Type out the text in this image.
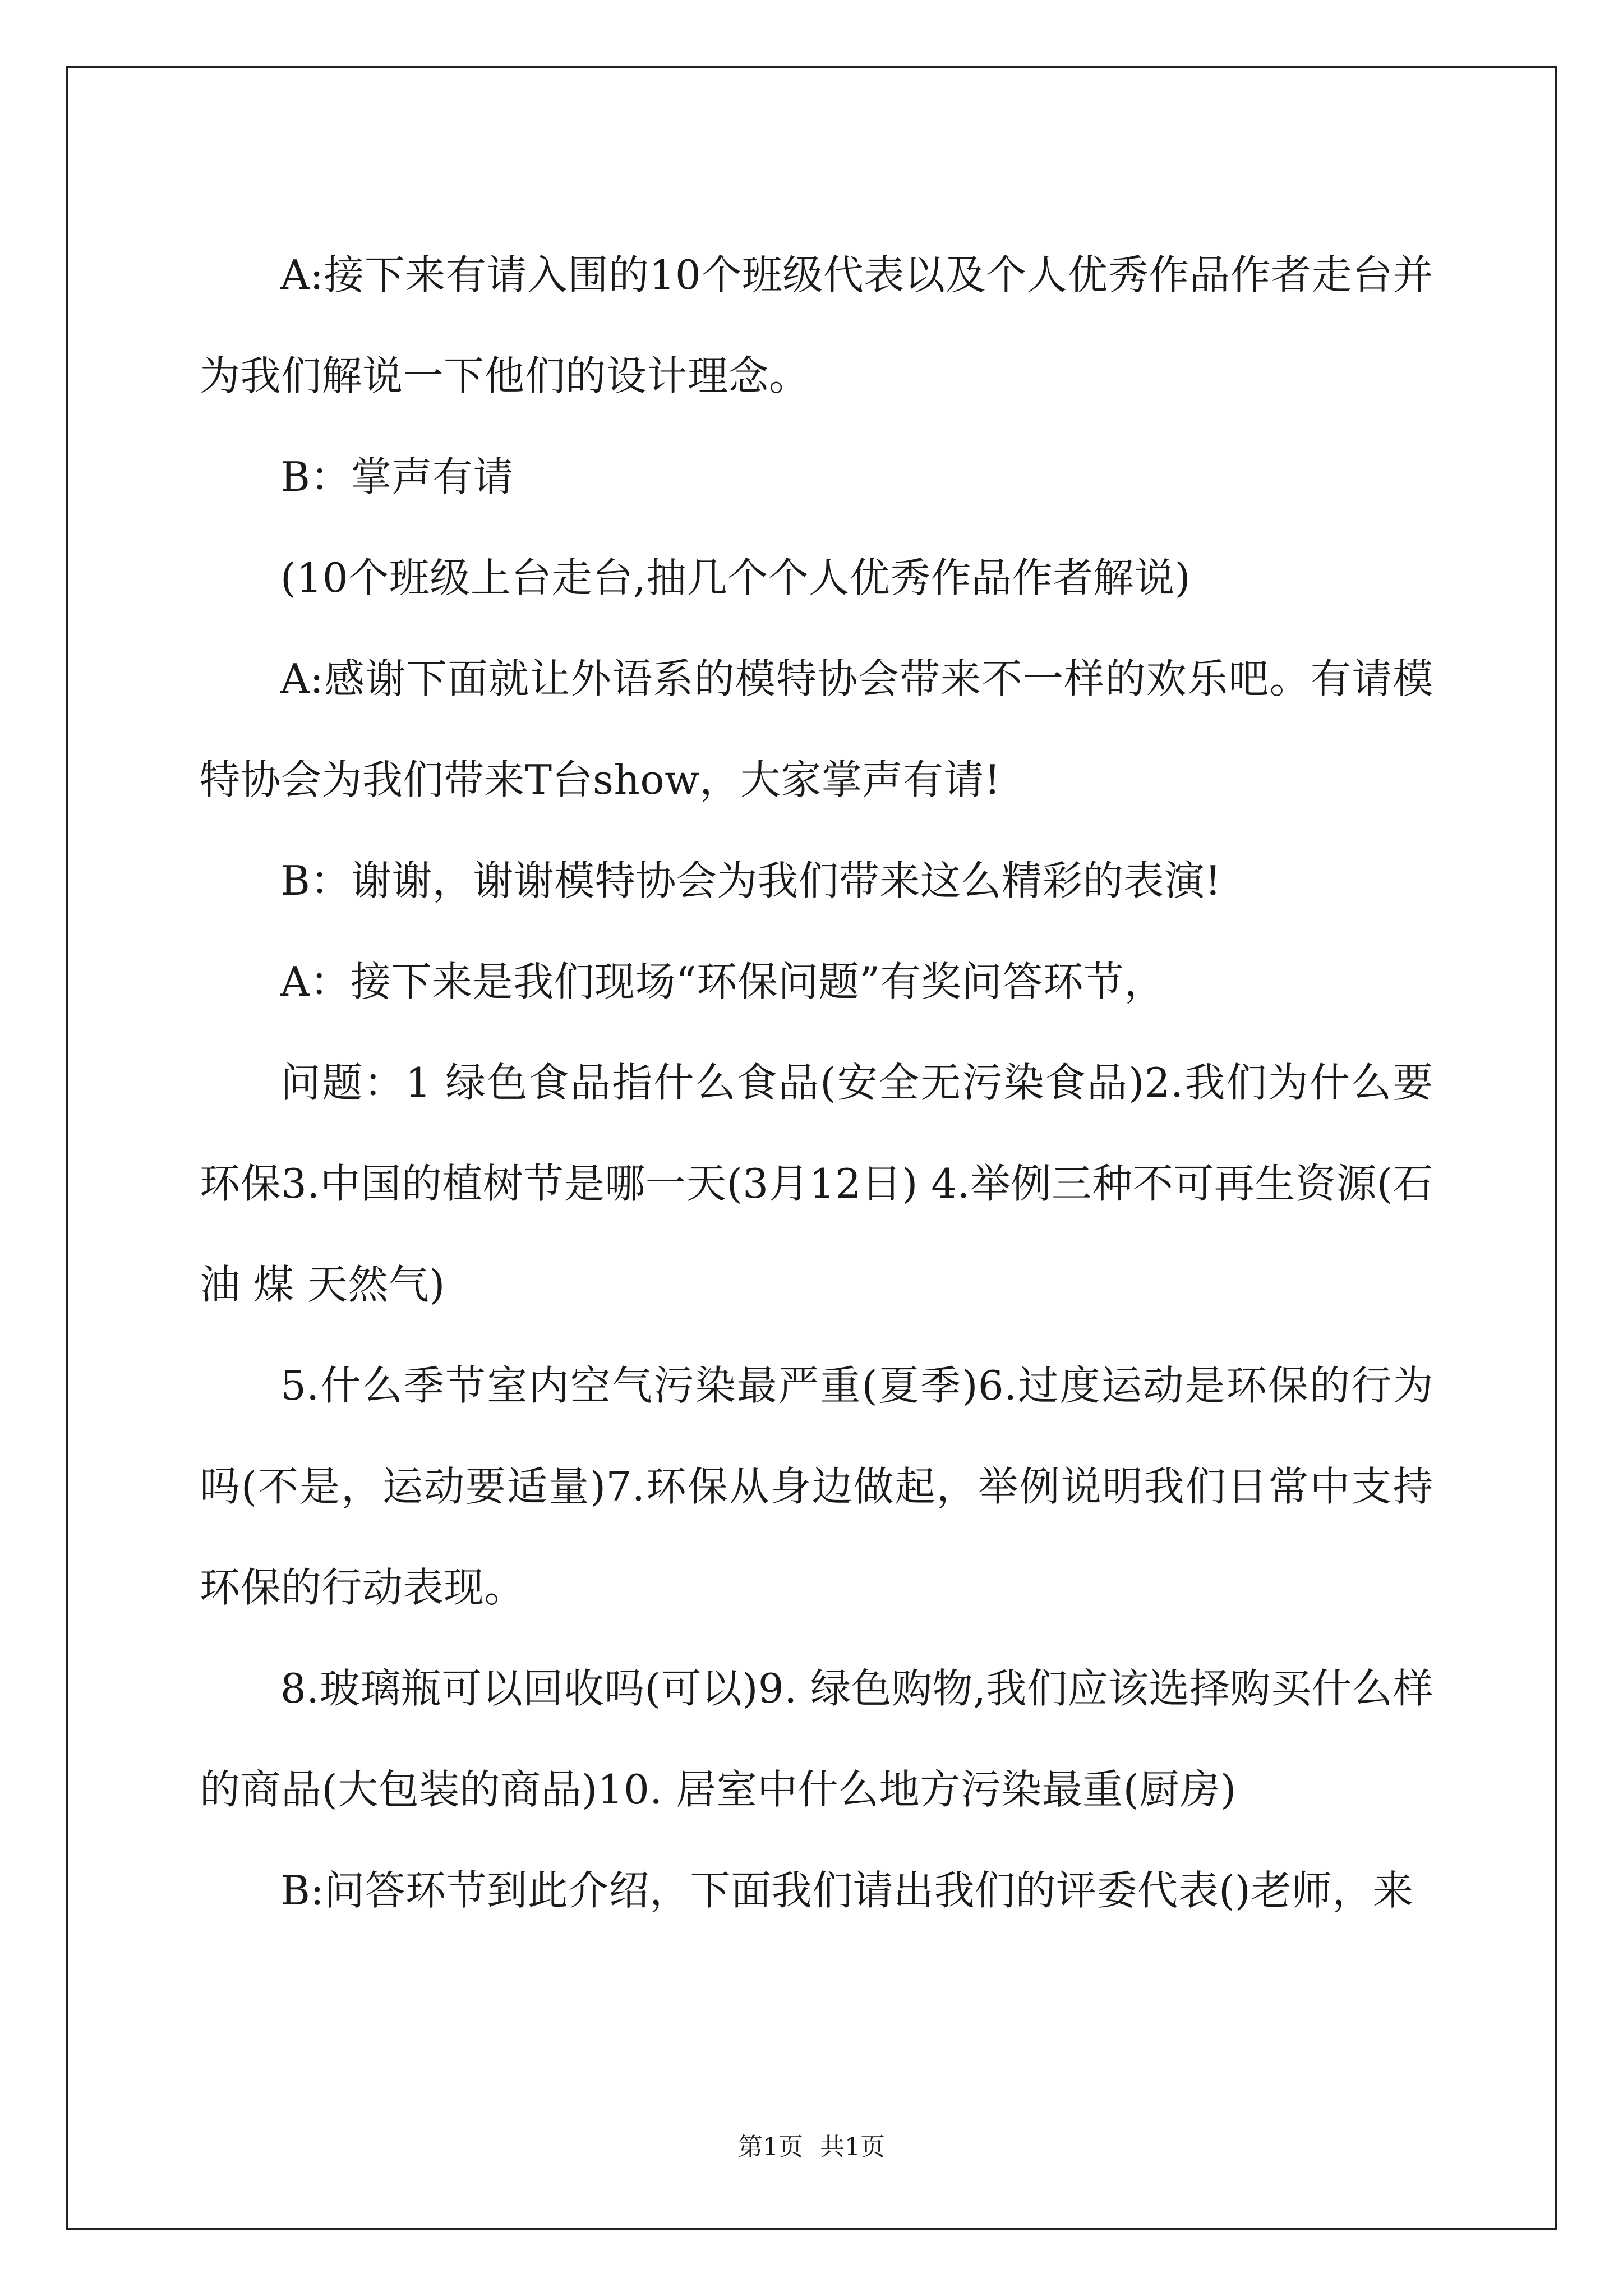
A:接下来有请入围的10个班级代表以及个人优秀作品作者走台并为我们解说一下他们的设计理念。

B：掌声有请

(10个班级上台走台,抽几个个人优秀作品作者解说)

A:感谢下面就让外语系的模特协会带来不一样的欢乐吧。有请模特协会为我们带来T台show，大家掌声有请!

B：谢谢，谢谢模特协会为我们带来这么精彩的表演!

A：接下来是我们现场“环保问题”有奖问答环节，

问题：1 绿色食品指什么食品(安全无污染食品)2.我们为什么要环保3.中国的植树节是哪一天(3月12日) 4.举例三种不可再生资源(石油 煤 天然气)

5.什么季节室内空气污染最严重(夏季)6.过度运动是环保的行为吗(不是，运动要适量)7.环保从身边做起，举例说明我们日常中支持环保的行动表现。

8.玻璃瓶可以回收吗(可以)9. 绿色购物,我们应该选择购买什么样的商品(大包装的商品)10. 居室中什么地方污染最重(厨房)

B:问答环节到此介绍，下面我们请出我们的评委代表()老师，来

第1页 共1页
